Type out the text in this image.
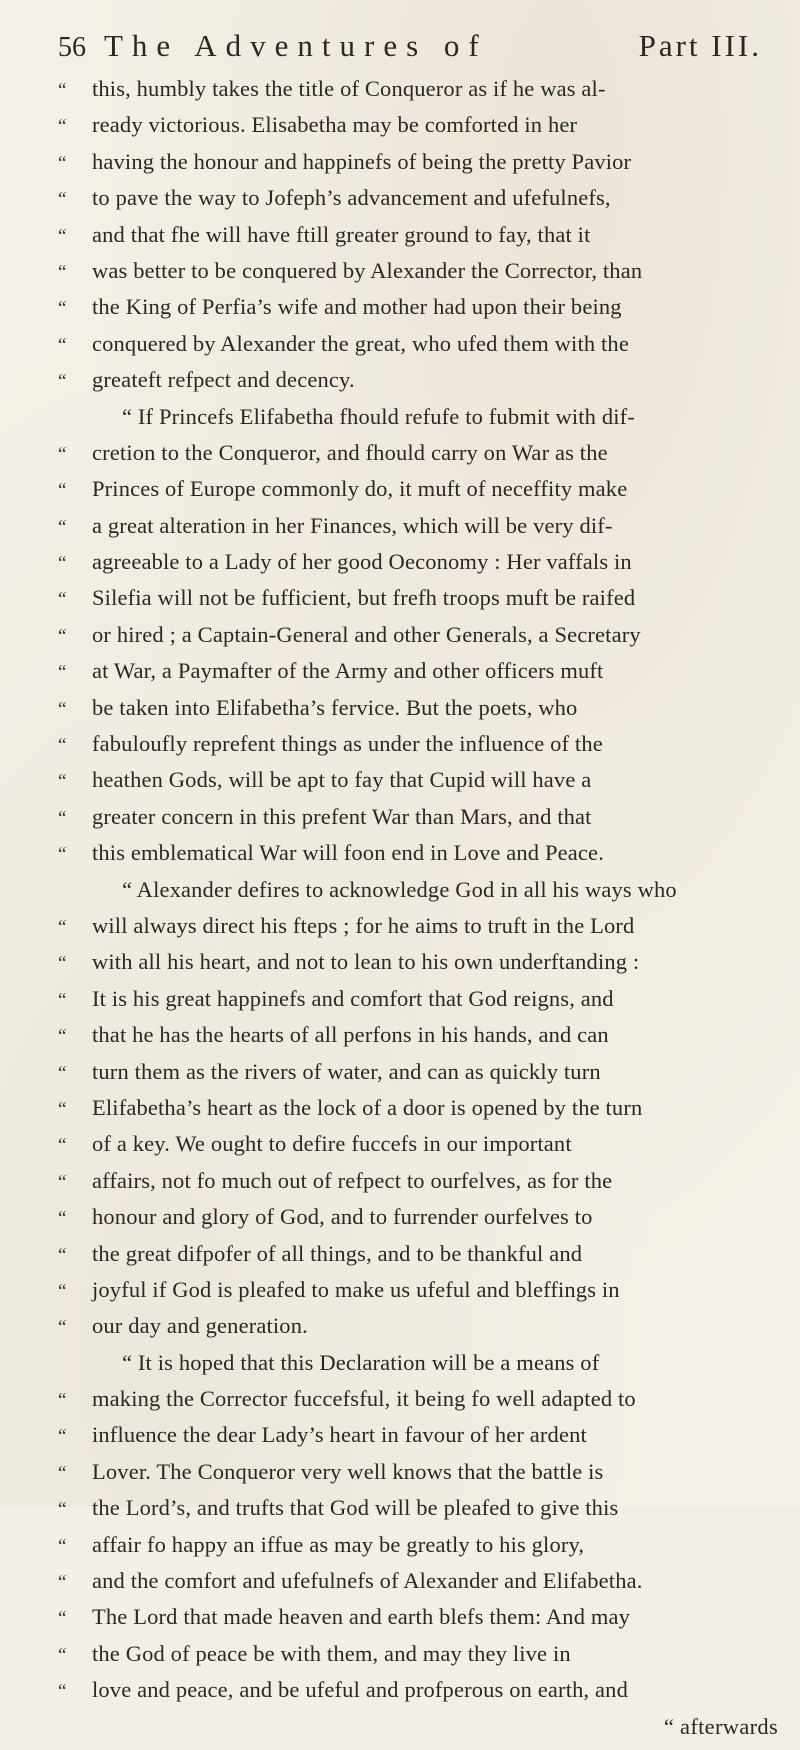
56 The Adventures of	Part III.
“	this, humbly takes the title of Conqueror as if he was al-
“	ready victorious. Elisabetha may be comforted in her
“	having the honour and happinefs of being the pretty Pavior
“	to pave the way to Jofeph’s advancement and ufefulnefs,
“	and that fhe will have ftill greater ground to fay, that it
“	was better to be conquered by Alexander the Corrector, than
“	the King of Perfia’s wife and mother had upon their being
“	conquered by Alexander the great, who ufed them with the
“	greateft refpect and decency.
“ If Princefs Elifabetha fhould refufe to fubmit with dif-
“	cretion to the Conqueror, and fhould carry on War as the
“	Princes of Europe commonly do, it muft of neceffity make
“	a great alteration in her Finances, which will be very dif-
“	agreeable to a Lady of her good Oeconomy : Her vaffals in
“	Silefia will not be fufficient, but frefh troops muft be raifed
“	or hired ; a Captain-General and other Generals, a Secretary
“	at War, a Paymafter of the Army and other officers muft
“	be taken into Elifabetha’s fervice. But the poets, who
“	fabuloufly reprefent things as under the influence of the
“	heathen Gods, will be apt to fay that Cupid will have a
“	greater concern in this prefent War than Mars, and that
“	this emblematical War will foon end in Love and Peace.
“ Alexander defires to acknowledge God in all his ways who
“	will always direct his fteps ; for he aims to truft in the Lord
“	with all his heart, and not to lean to his own underftanding :
“	It is his great happinefs and comfort that God reigns, and
“	that he has the hearts of all perfons in his hands, and can
“	turn them as the rivers of water, and can as quickly turn
“	Elifabetha’s heart as the lock of a door is opened by the turn
“	of a key. We ought to defire fuccefs in our important
“	affairs, not fo much out of refpect to ourfelves, as for the
“	honour and glory of God, and to furrender ourfelves to
“	the great difpofer of all things, and to be thankful and
“	joyful if God is pleafed to make us ufeful and bleffings in
“	our day and generation.
“ It is hoped that this Declaration will be a means of
“	making the Corrector fuccefsful, it being fo well adapted to
“	influence the dear Lady’s heart in favour of her ardent
“	Lover. The Conqueror very well knows that the battle is
“	the Lord’s, and trufts that God will be pleafed to give this
“	affair fo happy an iffue as may be greatly to his glory,
“	and the comfort and ufefulnefs of Alexander and Elifabetha.
“	The Lord that made heaven and earth blefs them: And may
“	the God of peace be with them, and may they live in
“	love and peace, and be ufeful and profperous on earth, and
“ afterwards
